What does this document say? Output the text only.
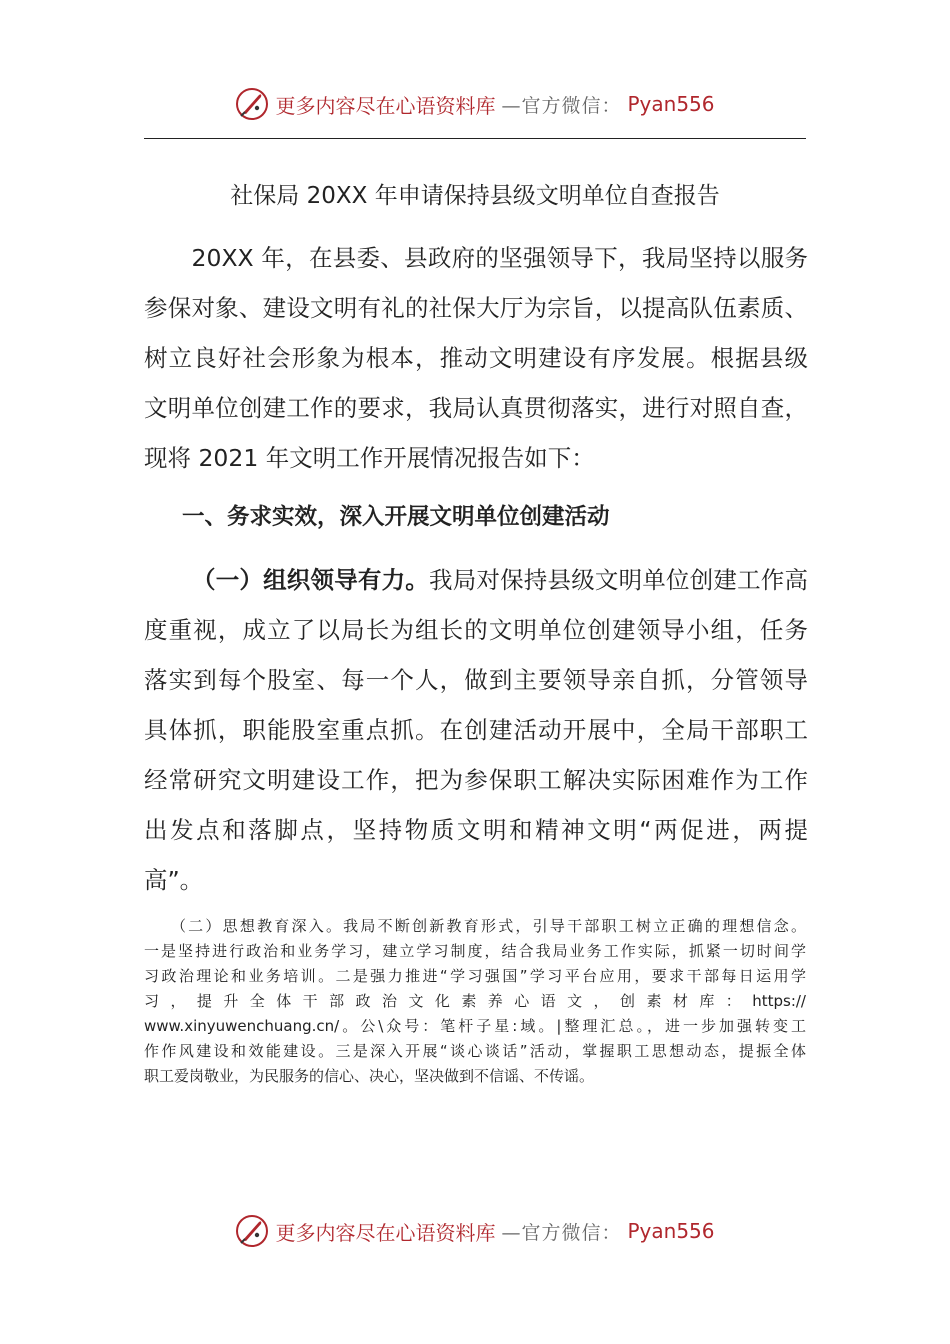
更多内容尽在心语资料库 —官方微信： Pyan556
社保局 20XX 年申请保持县级文明单位自查报告
　　20XX 年，在县委、县政府的坚强领导下，我局坚持以服务
参保对象、建设文明有礼的社保大厅为宗旨，以提高队伍素质、
树立良好社会形象为根本，推动文明建设有序发展。根据县级
文明单位创建工作的要求，我局认真贯彻落实，进行对照自查，
现将 2021 年文明工作开展情况报告如下：
一、务求实效，深入开展文明单位创建活动
（一）组织领导有力。我局对保持县级文明单位创建工作高
度重视，成立了以局长为组长的文明单位创建领导小组，任务
落实到每个股室、每一个人，做到主要领导亲自抓，分管领导
具体抓，职能股室重点抓。在创建活动开展中，全局干部职工
经常研究文明建设工作，把为参保职工解决实际困难作为工作
出发点和落脚点，坚持物质文明和精神文明“两促进，两提
高”。
　　（二）思想教育深入。我局不断创新教育形式，引导干部职工树立正确的理想信念。
一是坚持进行政治和业务学习，建立学习制度，结合我局业务工作实际，抓紧一切时间学
习政治理论和业务培训。二是强力推进“学习强国”学习平台应用，要求干部每日运用学
习，提升全体干部政治文化素养心语文，创素材库：https://
www.xinyuwenchuang.cn/。公\众号：笔杆子星:域。|整理汇总。，进一步加强转变工
作作风建设和效能建设。三是深入开展“谈心谈话”活动，掌握职工思想动态，提振全体
职工爱岗敬业，为民服务的信心、决心，坚决做到不信谣、不传谣。
更多内容尽在心语资料库 —官方微信： Pyan556
